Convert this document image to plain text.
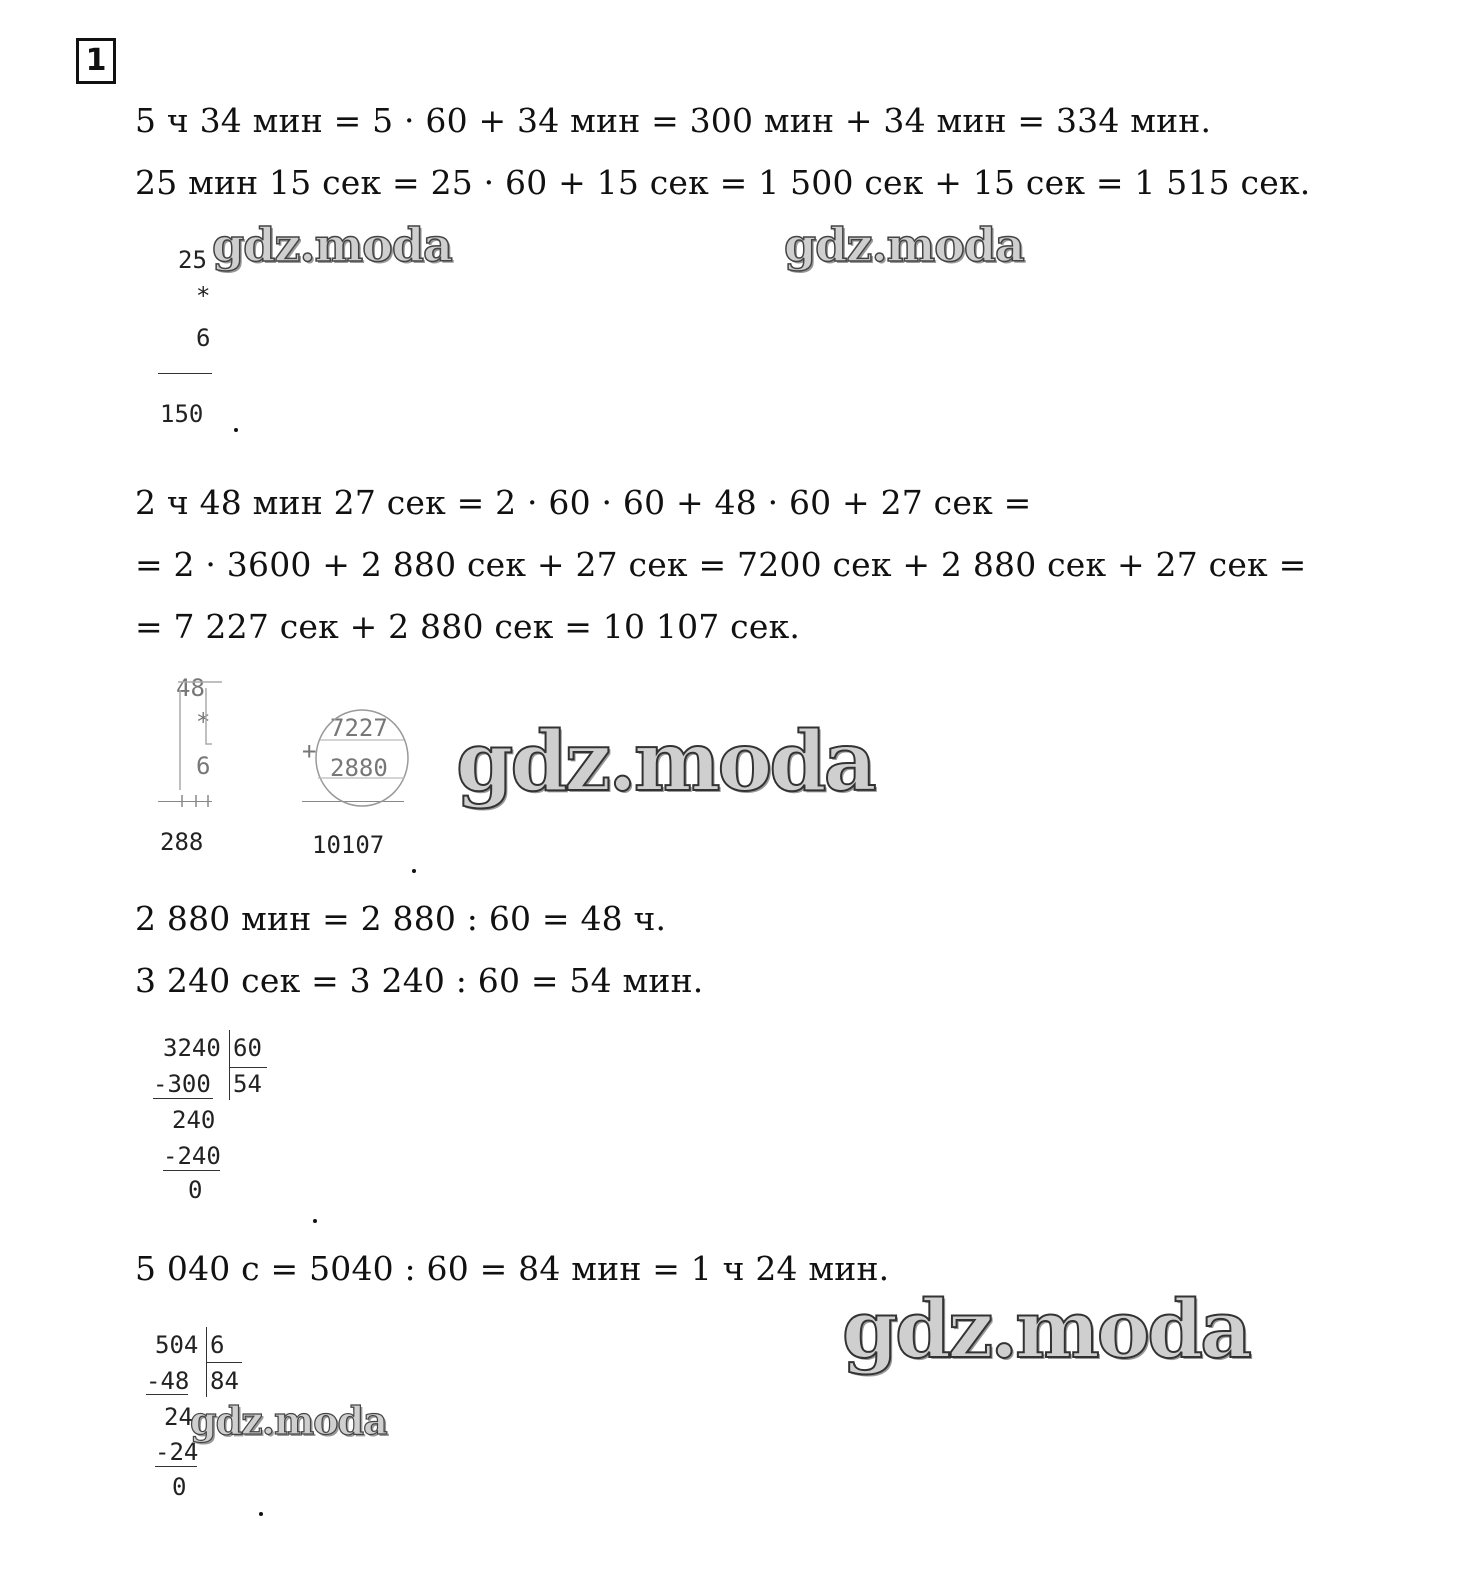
1
5 ч 34 мин = 5 · 60 + 34 мин = 300 мин + 34 мин = 334 мин.
25 мин 15 сек = 25 · 60 + 15 сек = 1 500 сек + 15 сек = 1 515 сек.
25
*
6
150
gdz.moda	gdz.moda
2 ч 48 мин 27 сек = 2 · 60 · 60 + 48 · 60 + 27 сек =
= 2 · 3600 + 2 880 сек + 27 сек = 7200 сек + 2 880 сек + 27 сек =
= 7 227 сек + 2 880 сек = 10 107 сек.
48
*
6
288
+
7227
2880
10107
gdz.moda
2 880 мин = 2 880 : 60 = 48 ч.
3 240 сек = 3 240 : 60 = 54 мин.
3240 60
54
-300
240
-240
0
5 040 с = 5040 : 60 = 84 мин = 1 ч 24 мин.
gdz.moda
504 6
84
-48
24
-24
0
gdz.moda
